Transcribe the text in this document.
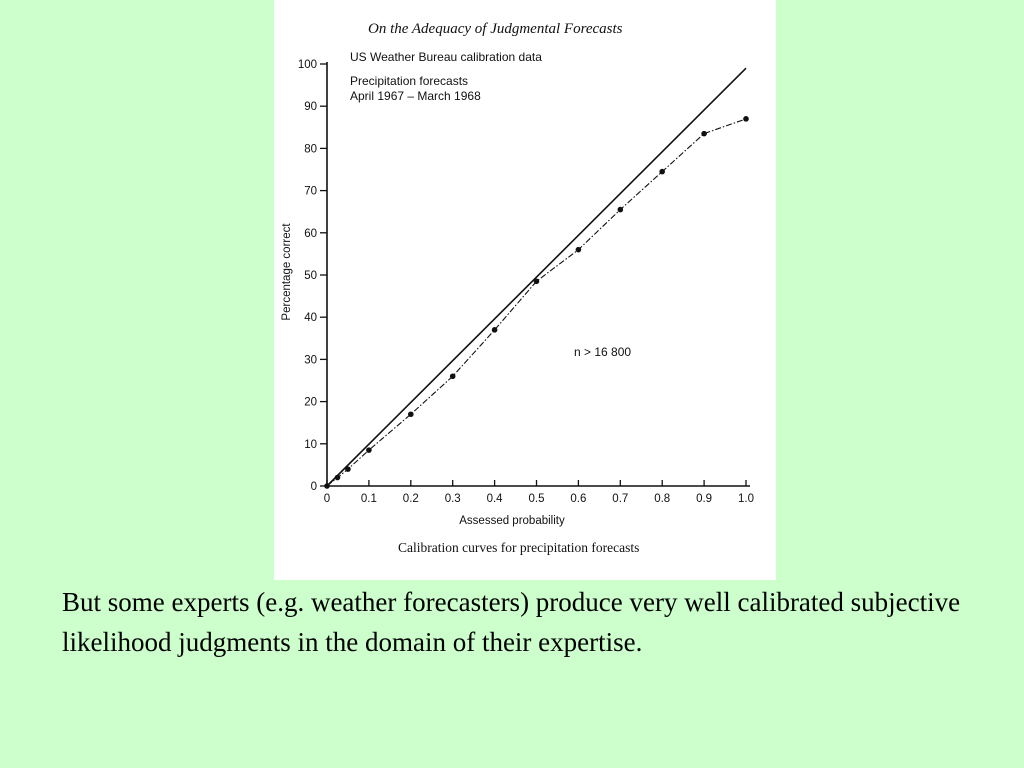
On the Adequacy of Judgmental Forecasts
US Weather Bureau calibration data
Precipitation forecasts
April 1967 – March 1968
0	0.1 0.2 0.3 0.4 0.5 0.6 0.7 0.8 0.9 1.0
0
10
20
30
40
50
60
70
80
90
100
Assessed probability
Percentage correct
n > 16 800
Calibration curves for precipitation forecasts
But some experts (e.g. weather forecasters) produce very well calibrated subjective likelihood judgments in the domain of their expertise.
